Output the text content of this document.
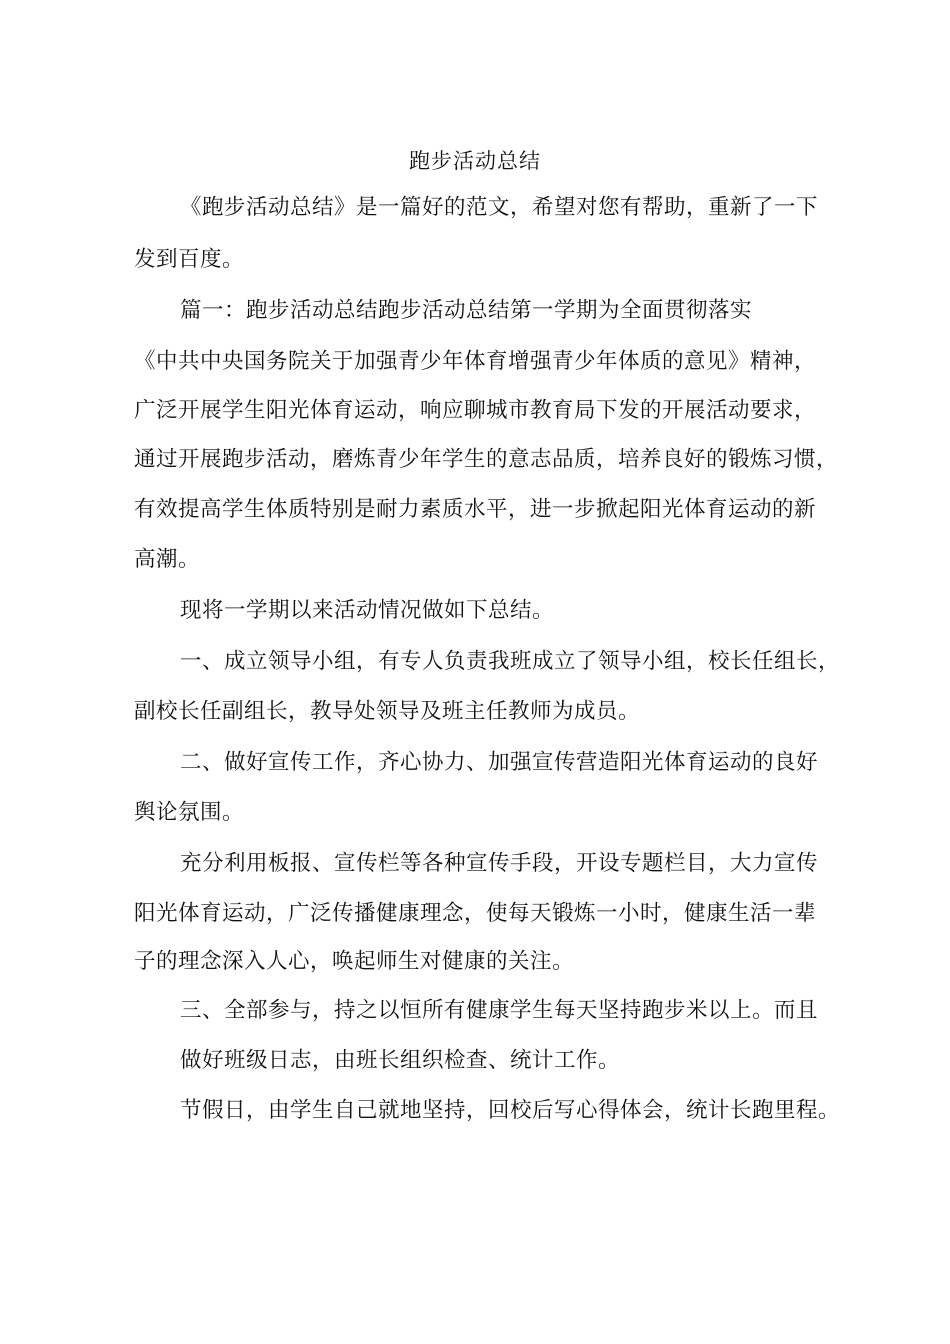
跑步活动总结
《跑步活动总结》是一篇好的范文，希望对您有帮助，重新了一下
发到百度。
篇一：跑步活动总结跑步活动总结第一学期为全面贯彻落实
《中共中央国务院关于加强青少年体育增强青少年体质的意见》精神，
广泛开展学生阳光体育运动，响应聊城市教育局下发的开展活动要求，
通过开展跑步活动，磨炼青少年学生的意志品质，培养良好的锻炼习惯，
有效提高学生体质特别是耐力素质水平，进一步掀起阳光体育运动的新
高潮。
现将一学期以来活动情况做如下总结。
一、成立领导小组，有专人负责我班成立了领导小组，校长任组长，
副校长任副组长，教导处领导及班主任教师为成员。
二、做好宣传工作，齐心协力、加强宣传营造阳光体育运动的良好
舆论氛围。
充分利用板报、宣传栏等各种宣传手段，开设专题栏目，大力宣传
阳光体育运动，广泛传播健康理念，使每天锻炼一小时，健康生活一辈
子的理念深入人心，唤起师生对健康的关注。
三、全部参与，持之以恒所有健康学生每天坚持跑步米以上。而且
做好班级日志，由班长组织检查、统计工作。
节假日，由学生自己就地坚持，回校后写心得体会，统计长跑里程。
